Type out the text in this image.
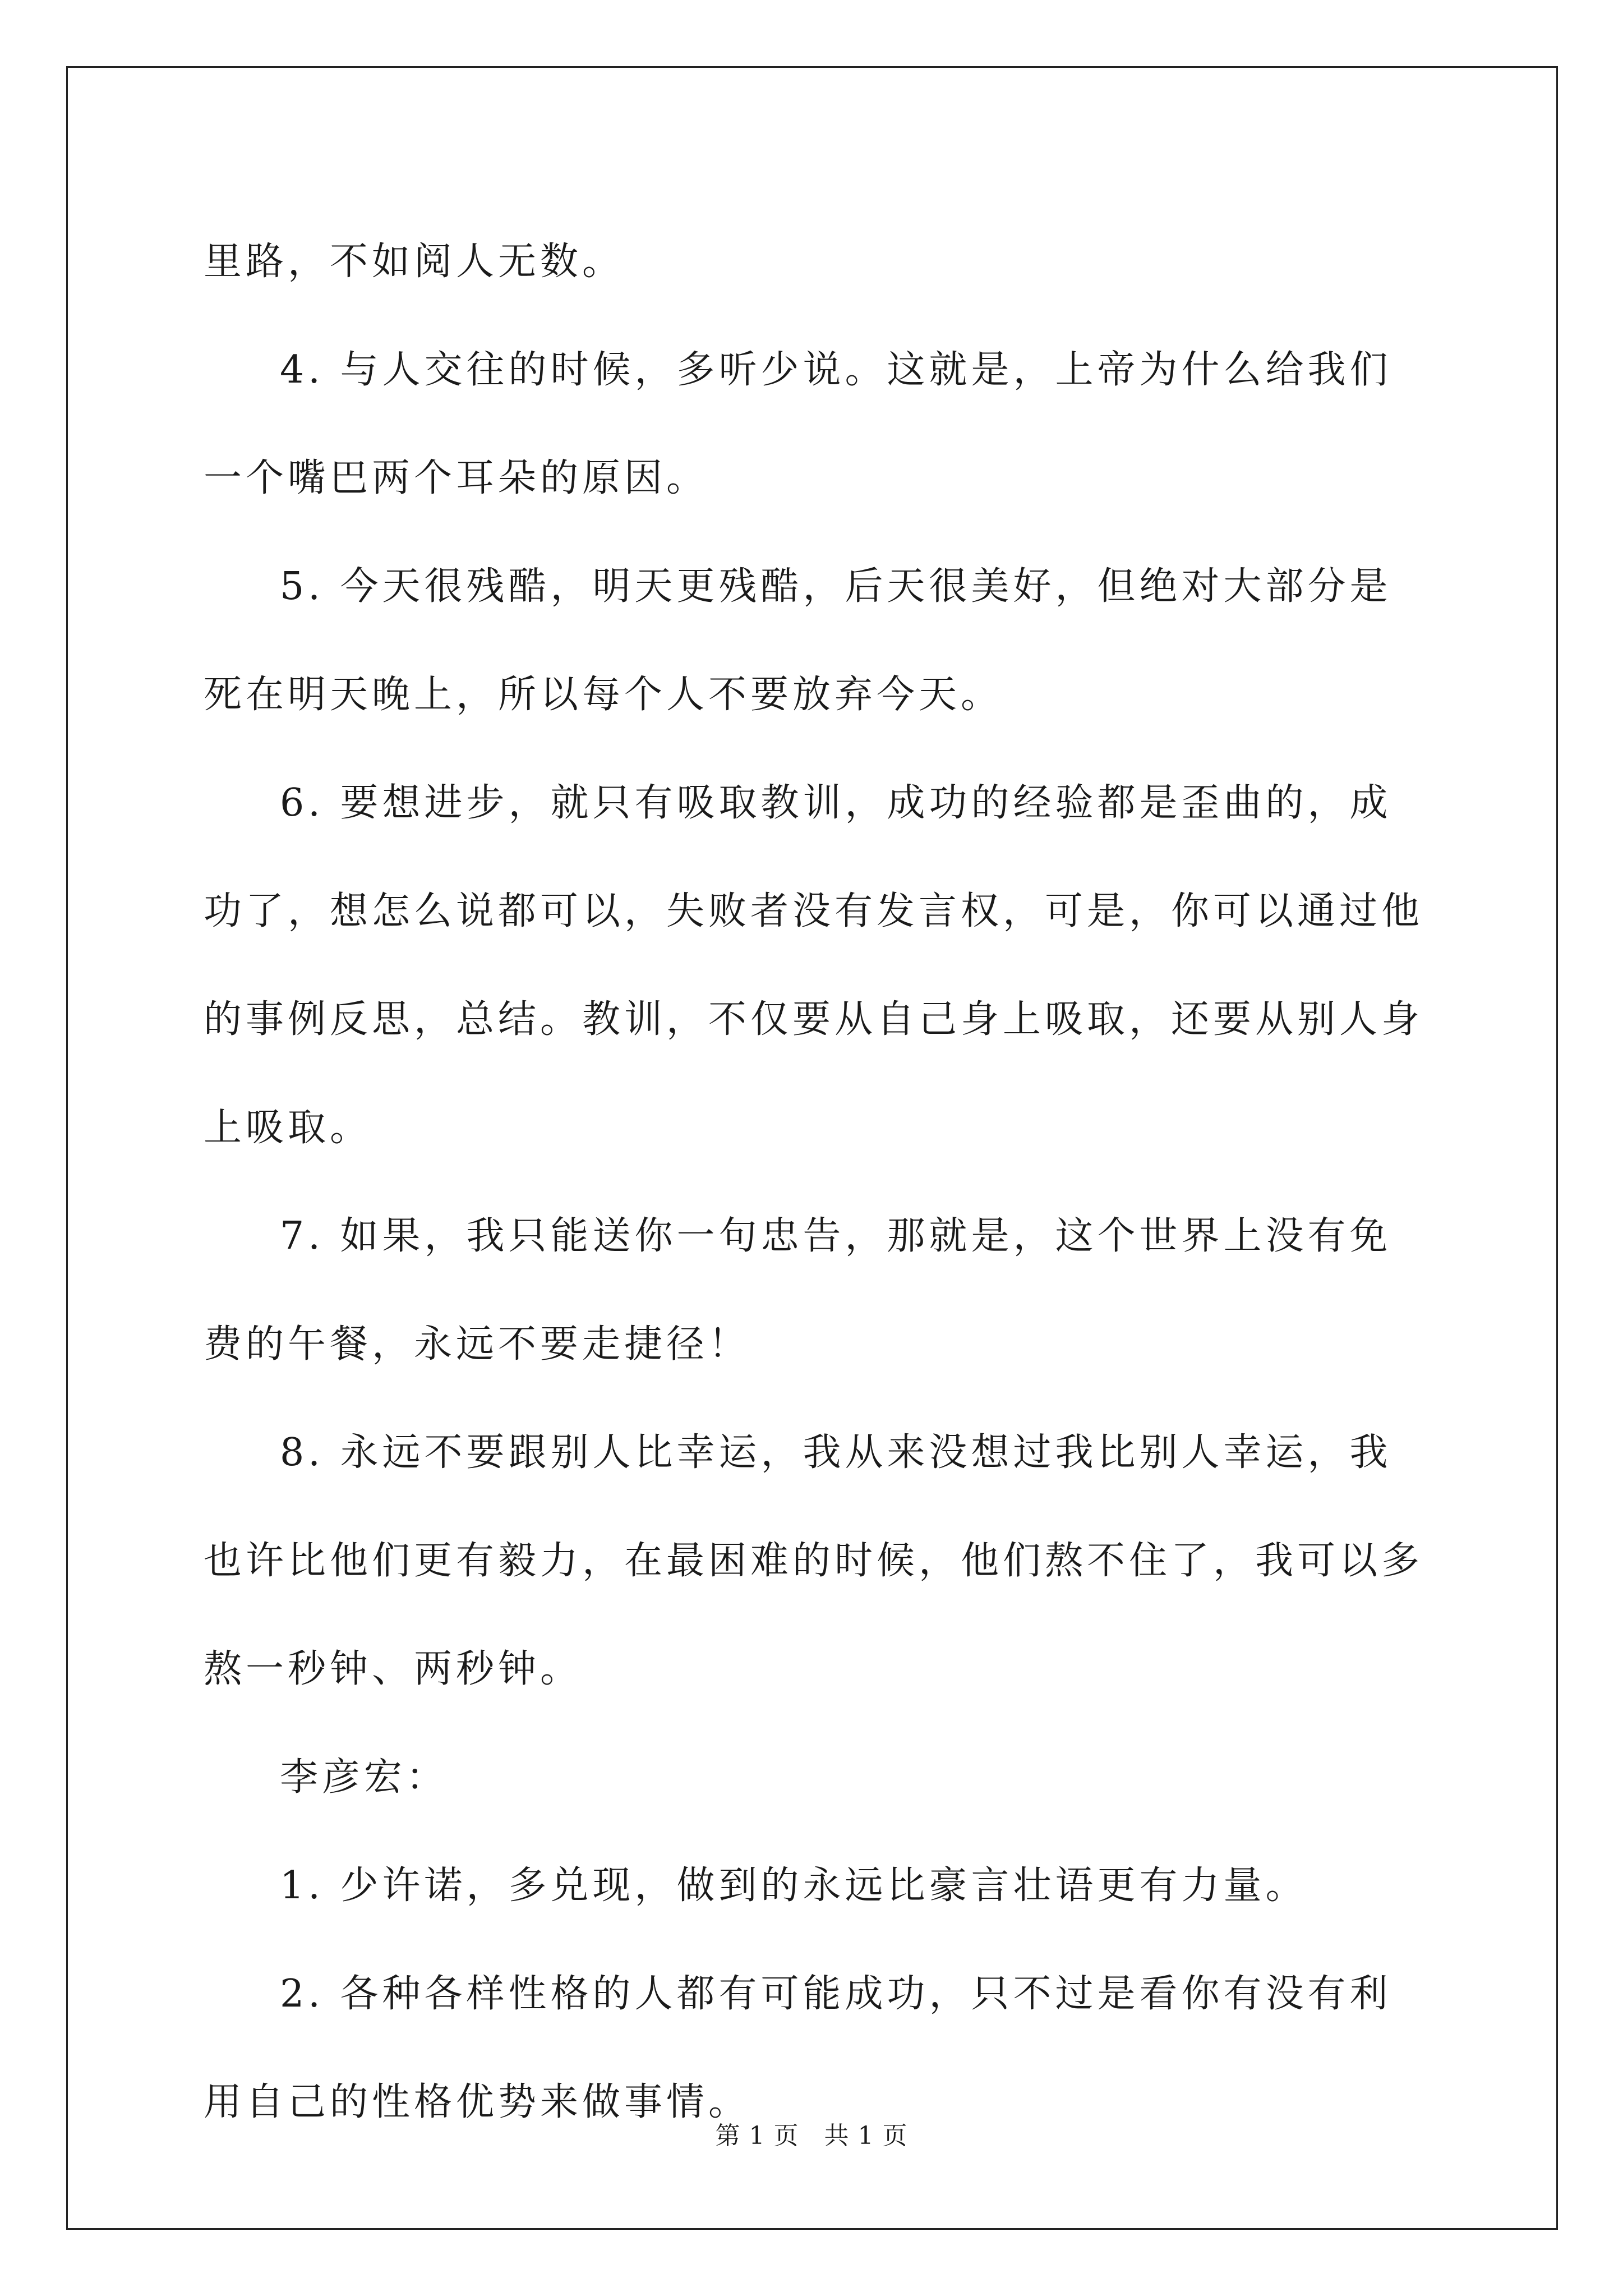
里路，不如阅人无数。

4. 与人交往的时候，多听少说。这就是，上帝为什么给我们一个嘴巴两个耳朵的原因。

5. 今天很残酷，明天更残酷，后天很美好，但绝对大部分是死在明天晚上，所以每个人不要放弃今天。

6. 要想进步，就只有吸取教训，成功的经验都是歪曲的，成功了，想怎么说都可以，失败者没有发言权，可是，你可以通过他的事例反思，总结。教训，不仅要从自己身上吸取，还要从别人身上吸取。

7. 如果，我只能送你一句忠告，那就是，这个世界上没有免费的午餐，永远不要走捷径！

8. 永远不要跟别人比幸运，我从来没想过我比别人幸运，我也许比他们更有毅力，在最困难的时候，他们熬不住了，我可以多熬一秒钟、两秒钟。

李彦宏：

1. 少许诺，多兑现，做到的永远比豪言壮语更有力量。

2. 各种各样性格的人都有可能成功，只不过是看你有没有利用自己的性格优势来做事情。

第 1 页　共 1 页
